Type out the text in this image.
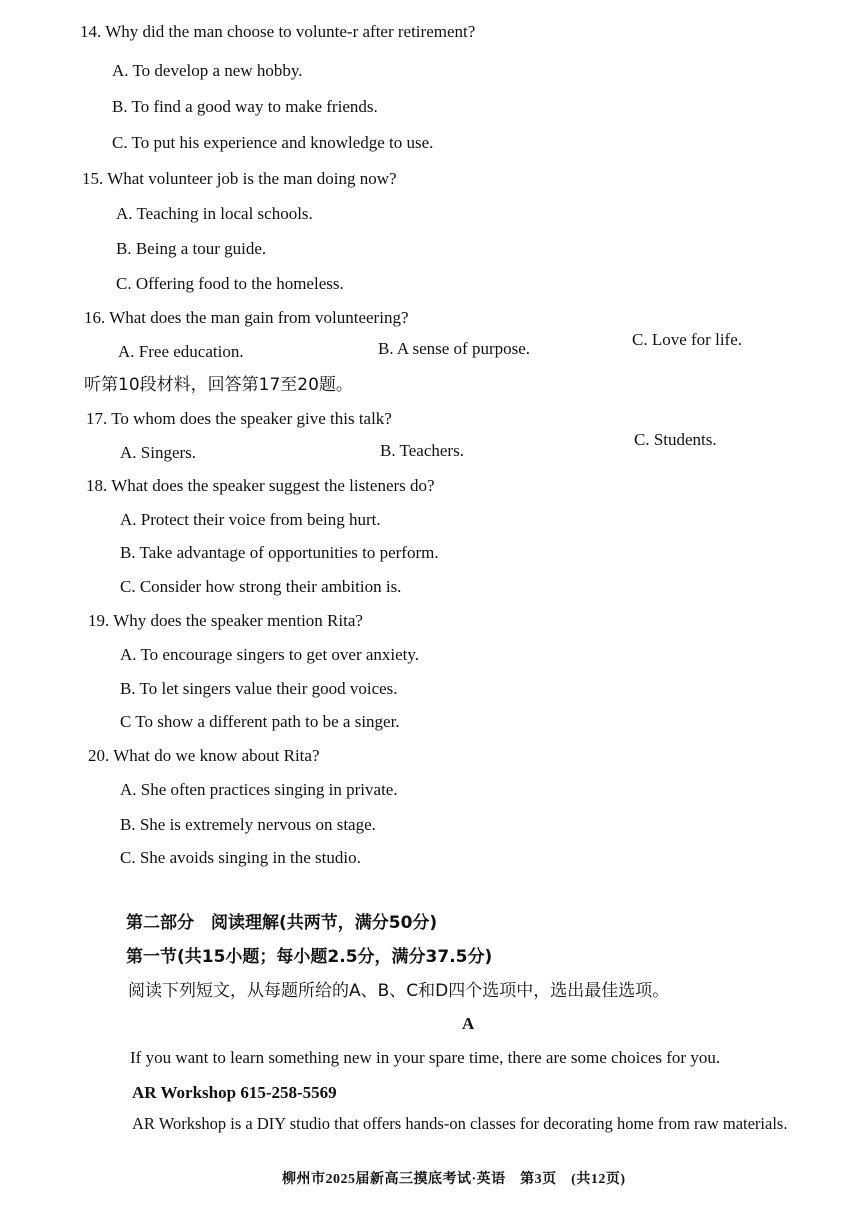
14. Why did the man choose to volunte-r after retirement?
A. To develop a new hobby.
B. To find a good way to make friends.
C. To put his experience and knowledge to use.
15. What volunteer job is the man doing now?
A. Teaching in local schools.
B. Being a tour guide.
C. Offering food to the homeless.
16. What does the man gain from volunteering?
A. Free education.	B. A sense of purpose.	C. Love for life.
听第10段材料，回答第17至20题。
17. To whom does the speaker give this talk?
A. Singers.	B. Teachers.
C. Students.
18. What does the speaker suggest the listeners do?
A. Protect their voice from being hurt.
B. Take advantage of opportunities to perform.
C. Consider how strong their ambition is.
19. Why does the speaker mention Rita?
A. To encourage singers to get over anxiety.
B. To let singers value their good voices.
C To show a different path to be a singer.
20. What do we know about Rita?
A. She often practices singing in private.
B. She is extremely nervous on stage.
C. She avoids singing in the studio.
第二部分　阅读理解(共两节，满分50分)
第一节(共15小题；每小题2.5分，满分37.5分)
阅读下列短文，从每题所给的A、B、C和D四个选项中，选出最佳选项。
A
If you want to learn something new in your spare time, there are some choices for you.
AR Workshop 615-258-5569
AR Workshop is a DIY studio that offers hands-on classes for decorating home from raw materials.
柳州市2025届新高三摸底考试·英语　第3页　(共12页)
